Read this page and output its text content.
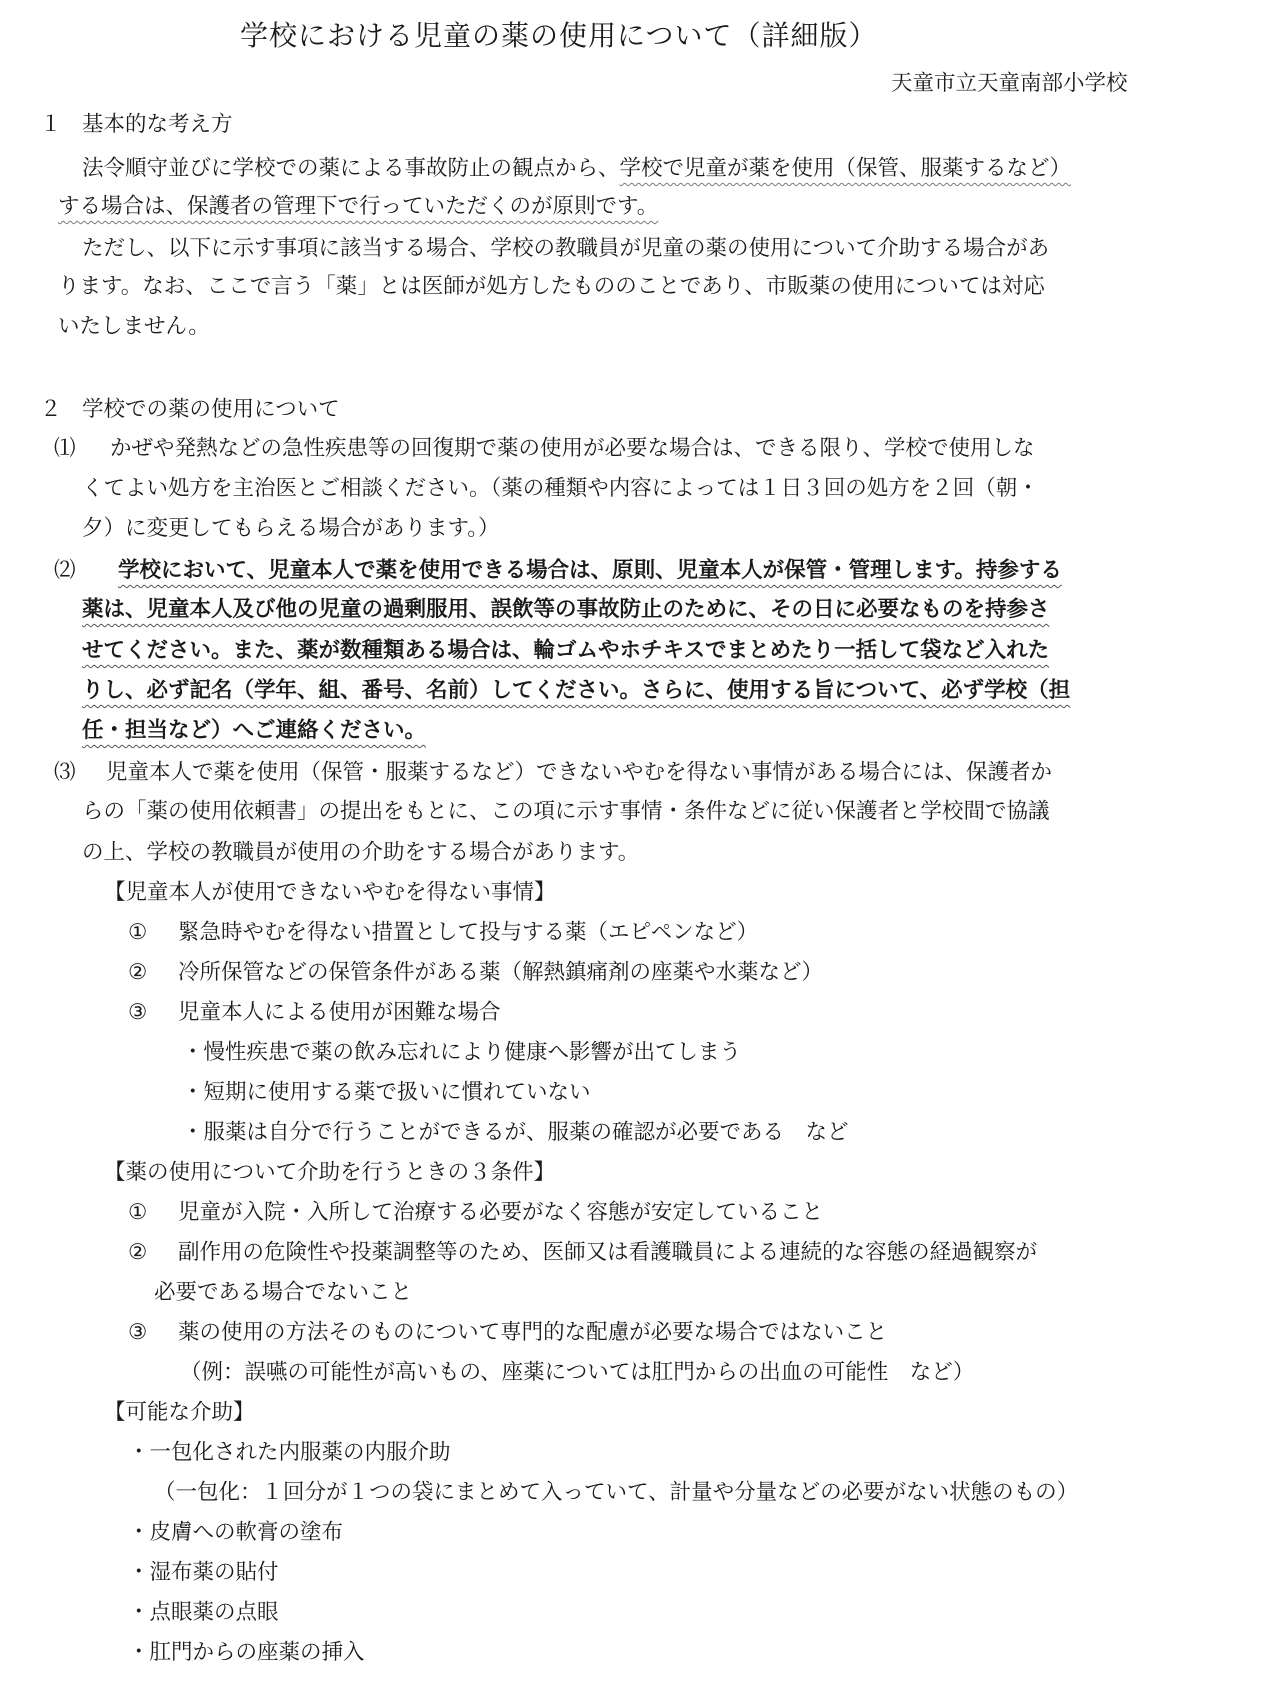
学校における児童の薬の使用について（詳細版）
天童市立天童南部小学校
１ 基本的な考え方
法令順守並びに学校での薬による事故防止の観点から、学校で児童が薬を使用（保管、服薬するなど）
する場合は、保護者の管理下で行っていただくのが原則です。
ただし、以下に示す事項に該当する場合、学校の教職員が児童の薬の使用について介助する場合があ
ります。なお、ここで言う「薬」とは医師が処方したもののことであり、市販薬の使用については対応
いたしません。
２ 学校での薬の使用について
⑴ かぜや発熱などの急性疾患等の回復期で薬の使用が必要な場合は、できる限り、学校で使用しな
くてよい処方を主治医とご相談ください。（薬の種類や内容によっては１日３回の処方を２回（朝・
夕）に変更してもらえる場合があります。）
⑵ 学校において、児童本人で薬を使用できる場合は、原則、児童本人が保管・管理します。持参する
薬は、児童本人及び他の児童の過剰服用、誤飲等の事故防止のために、その日に必要なものを持参さ
せてください。また、薬が数種類ある場合は、輪ゴムやホチキスでまとめたり一括して袋など入れた
りし、必ず記名（学年、組、番号、名前）してください。さらに、使用する旨について、必ず学校（担
任・担当など）へご連絡ください。
⑶ 児童本人で薬を使用（保管・服薬するなど）できないやむを得ない事情がある場合には、保護者か
らの「薬の使用依頼書」の提出をもとに、この項に示す事情・条件などに従い保護者と学校間で協議
の上、学校の教職員が使用の介助をする場合があります。
【児童本人が使用できないやむを得ない事情】
① 緊急時やむを得ない措置として投与する薬（エピペンなど）
② 冷所保管などの保管条件がある薬（解熱鎮痛剤の座薬や水薬など）
③ 児童本人による使用が困難な場合
・慢性疾患で薬の飲み忘れにより健康へ影響が出てしまう
・短期に使用する薬で扱いに慣れていない
・服薬は自分で行うことができるが、服薬の確認が必要である　など
【薬の使用について介助を行うときの３条件】
① 児童が入院・入所して治療する必要がなく容態が安定していること
② 副作用の危険性や投薬調整等のため、医師又は看護職員による連続的な容態の経過観察が
必要である場合でないこと
③ 薬の使用の方法そのものについて専門的な配慮が必要な場合ではないこと
（例：誤嚥の可能性が高いもの、座薬については肛門からの出血の可能性　など）
【可能な介助】
・一包化された内服薬の内服介助
（一包化：１回分が１つの袋にまとめて入っていて、計量や分量などの必要がない状態のもの）
・皮膚への軟膏の塗布
・湿布薬の貼付
・点眼薬の点眼
・肛門からの座薬の挿入
